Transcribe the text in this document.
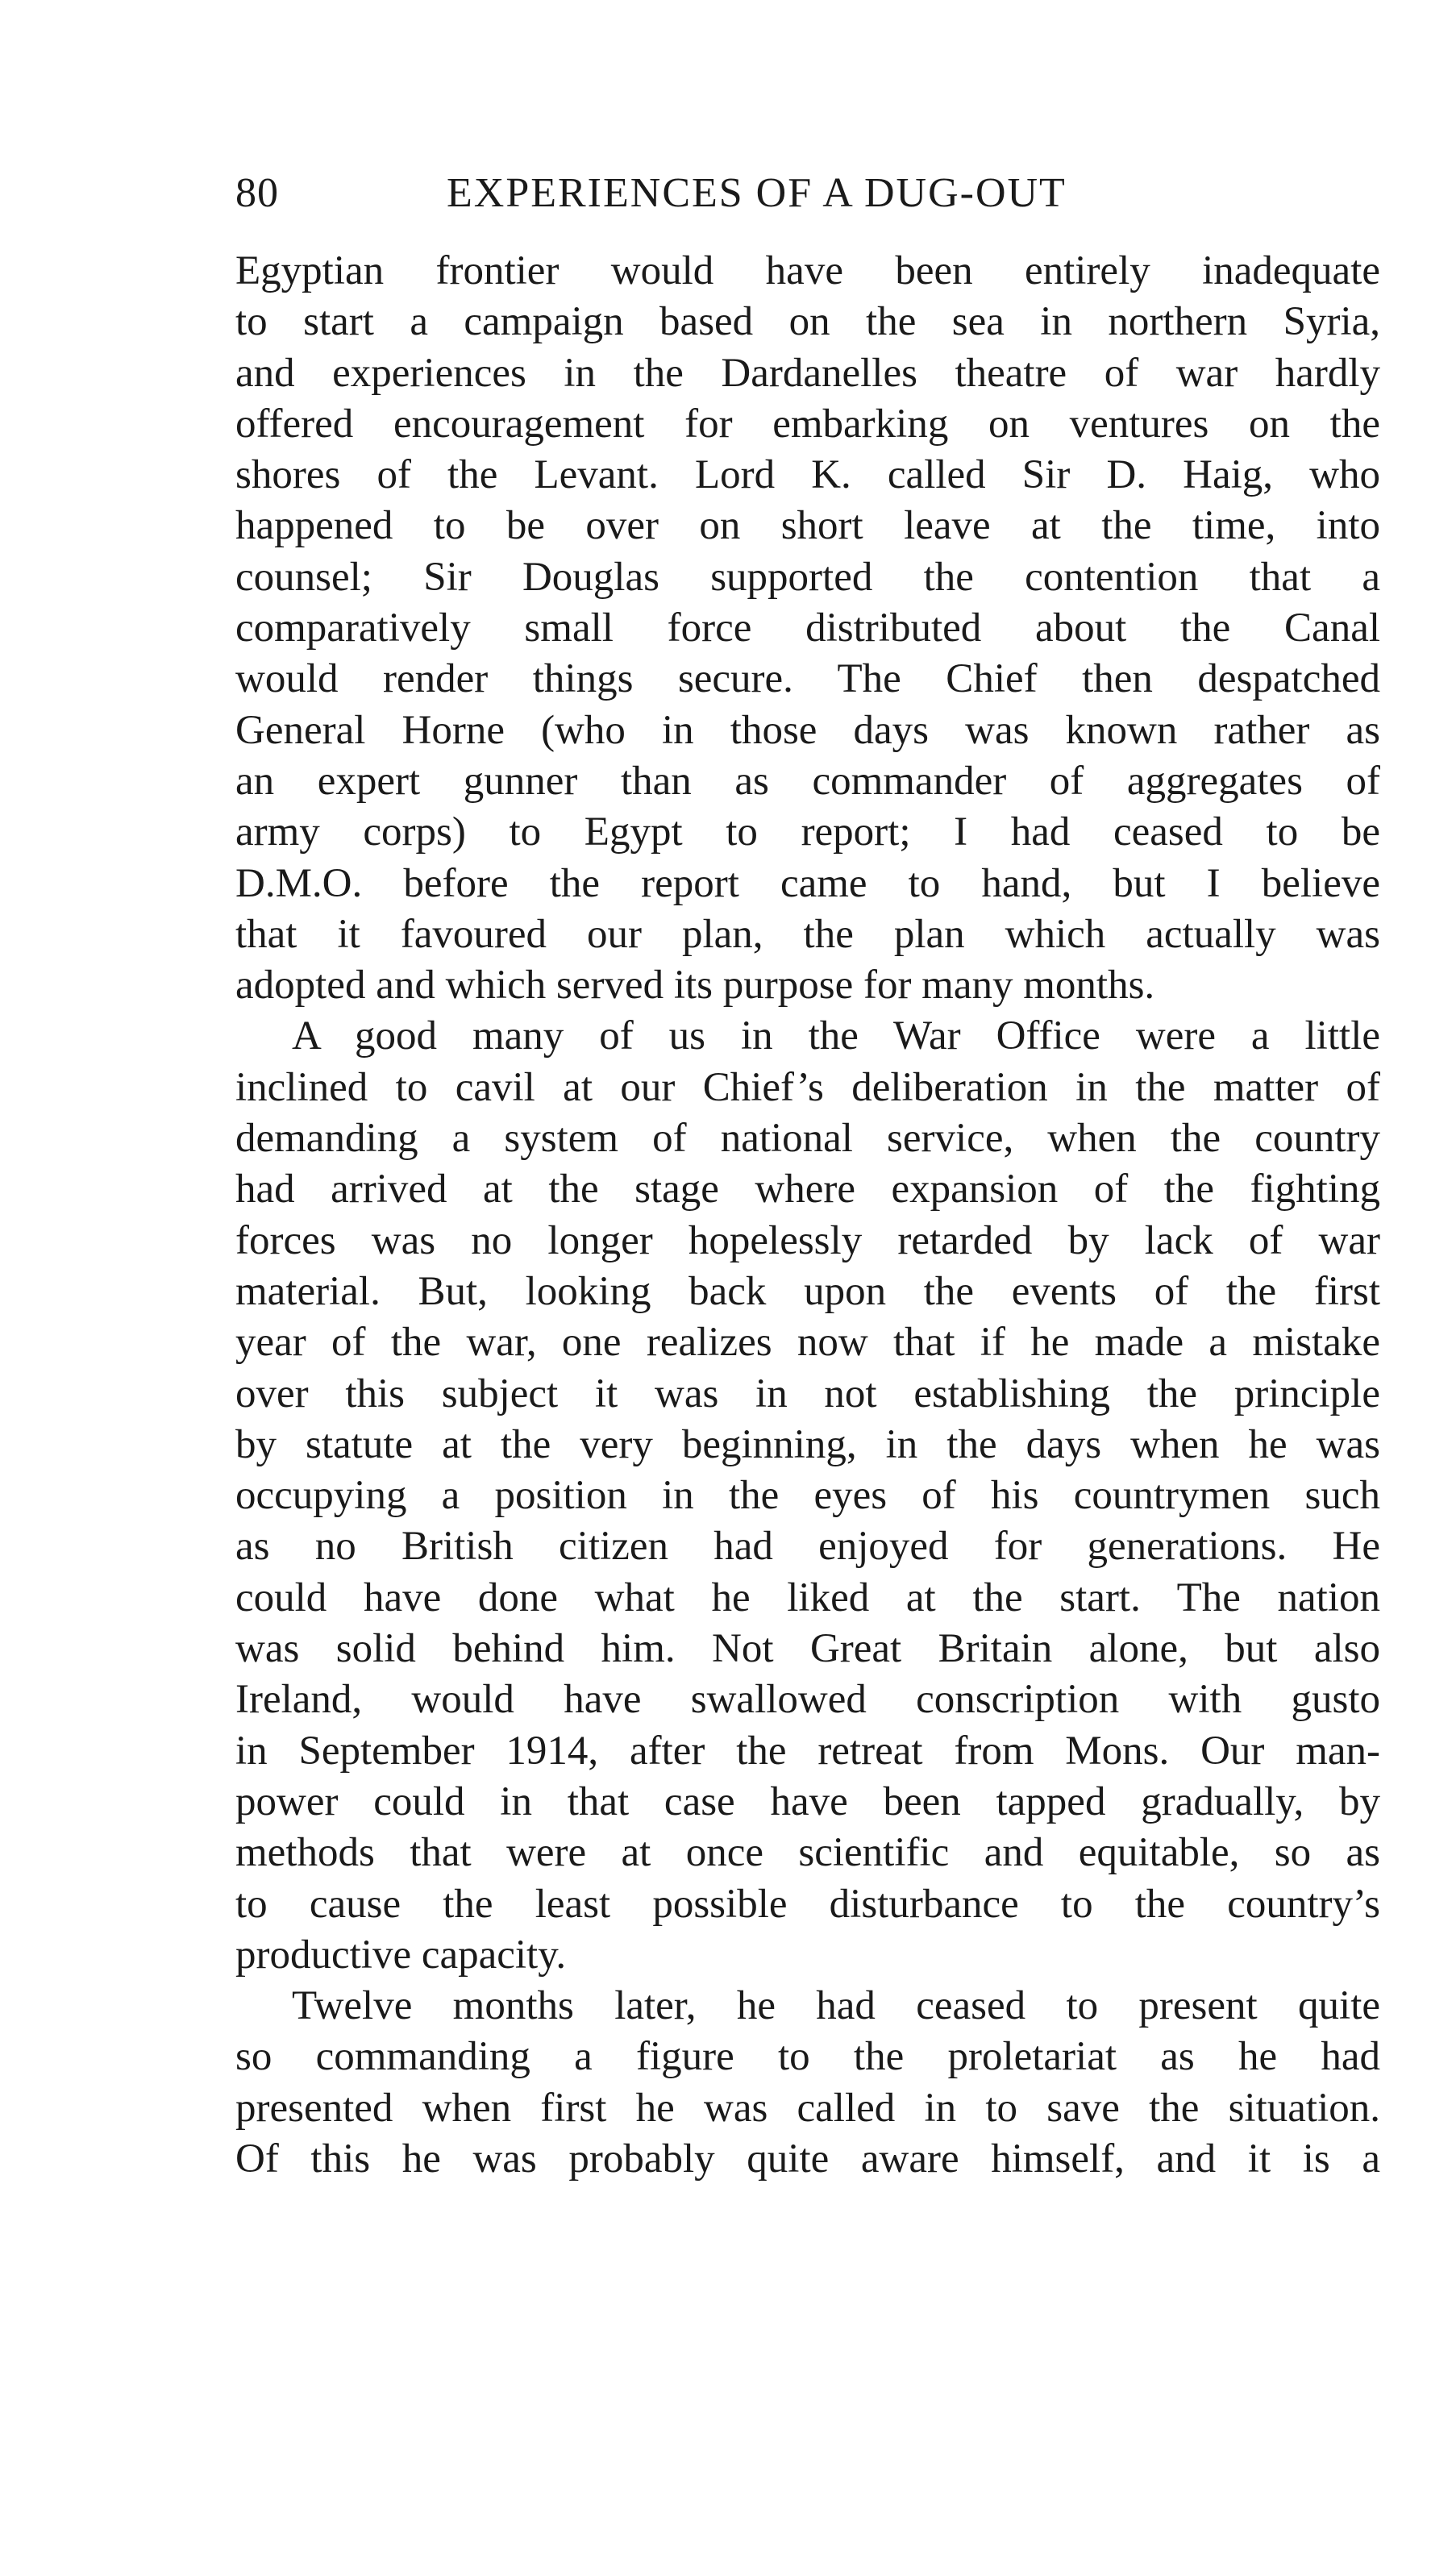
80	EXPERIENCES OF A DUG-OUT
Egyptian frontier would have been entirely inadequate
to start a campaign based on the sea in northern Syria,
and experiences in the Dardanelles theatre of war hardly
offered encouragement for embarking on ventures on the
shores of the Levant. Lord K. called Sir D. Haig, who
happened to be over on short leave at the time, into
counsel; Sir Douglas supported the contention that a
comparatively small force distributed about the Canal
would render things secure. The Chief then despatched
General Horne (who in those days was known rather as
an expert gunner than as commander of aggregates of
army corps) to Egypt to report; I had ceased to be
D.M.O. before the report came to hand, but I believe
that it favoured our plan, the plan which actually was
adopted and which served its purpose for many months.
A good many of us in the War Office were a little
inclined to cavil at our Chief’s deliberation in the matter of
demanding a system of national service, when the country
had arrived at the stage where expansion of the fighting
forces was no longer hopelessly retarded by lack of war
material. But, looking back upon the events of the first
year of the war, one realizes now that if he made a mistake
over this subject it was in not establishing the principle
by statute at the very beginning, in the days when he was
occupying a position in the eyes of his countrymen such
as no British citizen had enjoyed for generations. He
could have done what he liked at the start. The nation
was solid behind him. Not Great Britain alone, but also
Ireland, would have swallowed conscription with gusto
in September 1914, after the retreat from Mons. Our man-
power could in that case have been tapped gradually, by
methods that were at once scientific and equitable, so as
to cause the least possible disturbance to the country’s
productive capacity.
Twelve months later, he had ceased to present quite
so commanding a figure to the proletariat as he had
presented when first he was called in to save the situation.
Of this he was probably quite aware himself, and it is a
